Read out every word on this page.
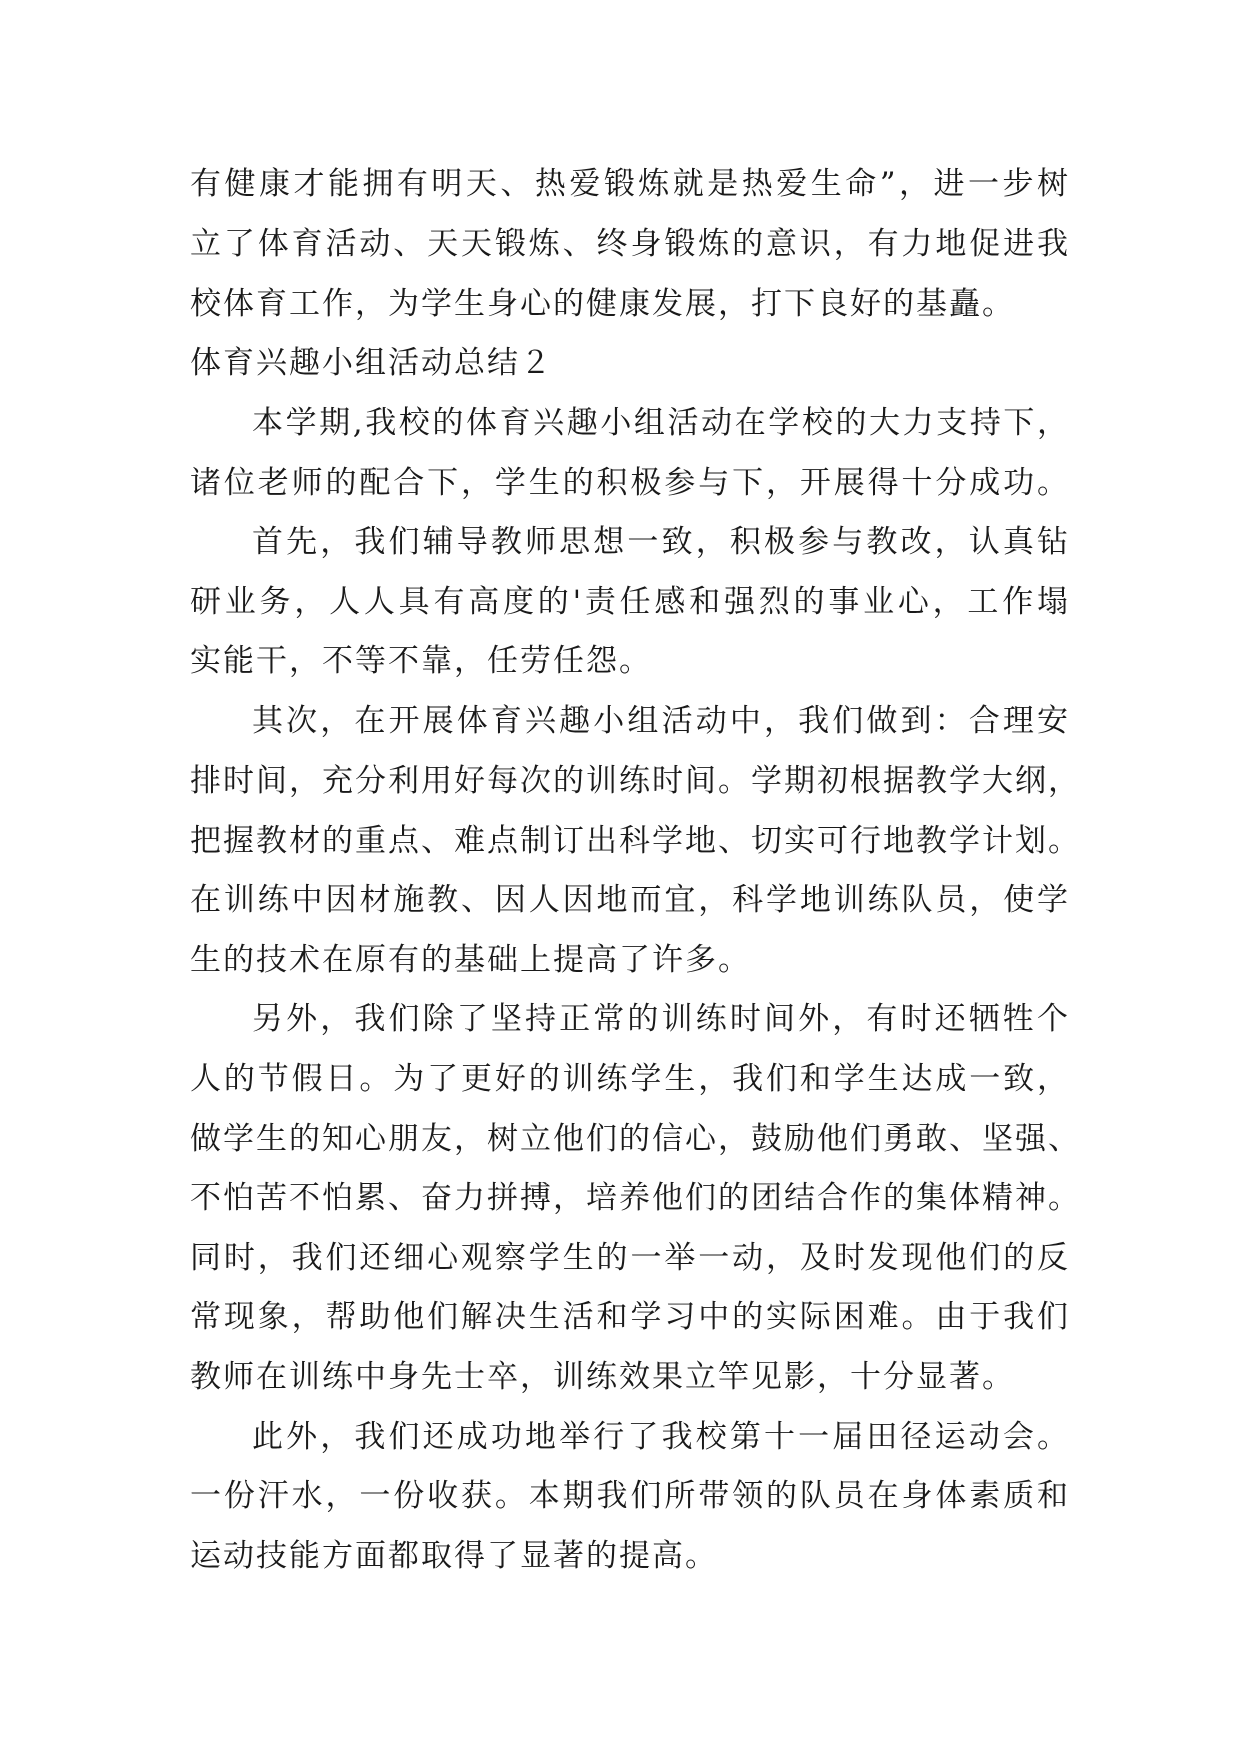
有健康才能拥有明天、热爱锻炼就是热爱生命”，进一步树
立了体育活动、天天锻炼、终身锻炼的意识，有力地促进我
校体育工作，为学生身心的健康发展，打下良好的基矗。
体育兴趣小组活动总结２
本学期,我校的体育兴趣小组活动在学校的大力支持下，
诸位老师的配合下，学生的积极参与下，开展得十分成功。
首先，我们辅导教师思想一致，积极参与教改，认真钻
研业务，人人具有高度的'责任感和强烈的事业心，工作塌
实能干，不等不靠，任劳任怨。
其次，在开展体育兴趣小组活动中，我们做到：合理安
排时间，充分利用好每次的训练时间。学期初根据教学大纲，
把握教材的重点、难点制订出科学地、切实可行地教学计划。
在训练中因材施教、因人因地而宜，科学地训练队员，使学
生的技术在原有的基础上提高了许多。
另外，我们除了坚持正常的训练时间外，有时还牺牲个
人的节假日。为了更好的训练学生，我们和学生达成一致，
做学生的知心朋友，树立他们的信心，鼓励他们勇敢、坚强、
不怕苦不怕累、奋力拼搏，培养他们的团结合作的集体精神。
同时，我们还细心观察学生的一举一动，及时发现他们的反
常现象，帮助他们解决生活和学习中的实际困难。由于我们
教师在训练中身先士卒，训练效果立竿见影，十分显著。
此外，我们还成功地举行了我校第十一届田径运动会。
一份汗水，一份收获。本期我们所带领的队员在身体素质和
运动技能方面都取得了显著的提高。
